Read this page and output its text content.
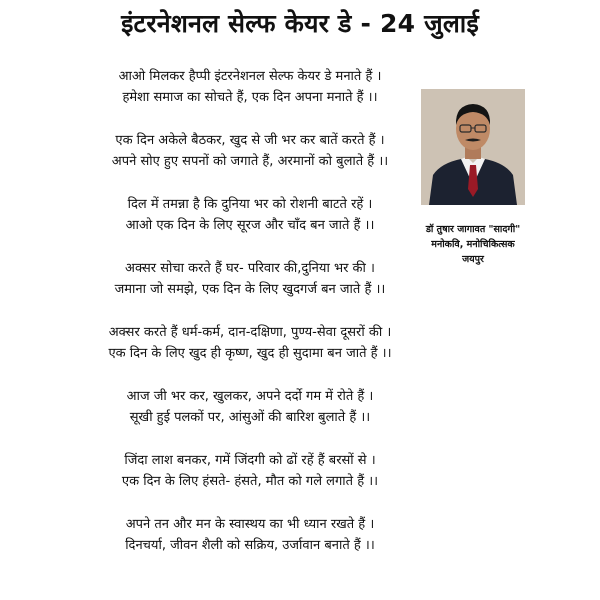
इंटरनेशनल सेल्फ केयर डे - 24 जुलाई
आओ मिलकर हैप्पी इंटरनेशनल सेल्फ केयर डे मनाते हैं ।
हमेशा समाज का सोचते हैं, एक दिन अपना मनाते हैं ।।
एक दिन अकेले बैठकर, खुद से जी भर कर बातें करते हैं ।
अपने सोए हुए सपनों को जगाते हैं, अरमानों को बुलाते हैं ।।
दिल में तमन्ना है कि दुनिया भर को रोशनी बाटते रहें ।
आओ एक दिन के लिए सूरज और चाँद बन जाते हैं ।।
अक्सर सोचा करते हैं घर- परिवार की,दुनिया भर की ।
जमाना जो समझे, एक दिन के लिए खुदगर्ज बन जाते हैं ।।
अक्सर करते हैं धर्म-कर्म, दान-दक्षिणा, पुण्य-सेवा दूसरों की ।
एक दिन के लिए खुद ही कृष्ण, खुद ही सुदामा बन जाते हैं ।।
आज जी भर कर, खुलकर, अपने दर्दो गम में रोते हैं ।
सूखी हुई पलकों पर, आंसुओं की बारिश बुलाते हैं ।।
जिंदा लाश बनकर, गमें जिंदगी को ढों रहें हैं बरसों से ।
एक दिन के लिए हंसते- हंसते, मौत को गले लगाते हैं ।।
अपने तन और मन के स्वास्थय का भी ध्यान रखते हैं ।
दिनचर्या, जीवन शैली को सक्रिय, उर्जावान बनाते हैं ।।
डॉ तुषार जागावत "सादगी"
मनोकवि, मनोचिकित्सक
जयपुर
